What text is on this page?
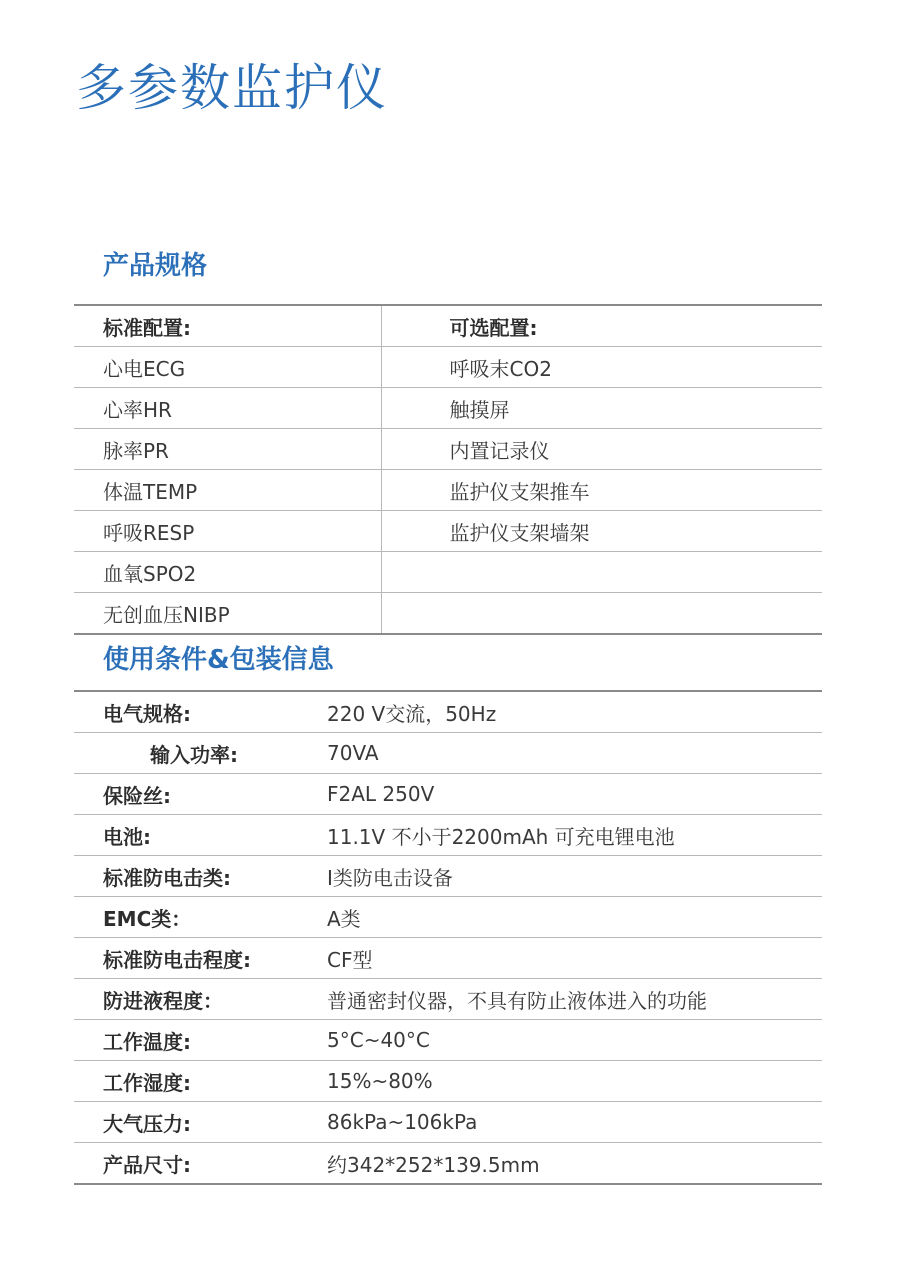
多参数监护仪
产品规格
标准配置:	可选配置:
心电ECG	呼吸末CO2
心率HR	触摸屏
脉率PR	内置记录仪
体温TEMP	监护仪支架推车
呼吸RESP	监护仪支架墙架
血氧SPO2	
无创血压NIBP	
使用条件&包装信息
电气规格:	220 V交流，50Hz
输入功率:	70VA
保险丝:	F2AL 250V
电池:	11.1V 不小于2200mAh 可充电锂电池
标准防电击类:	I类防电击设备
EMC类：	A类
标准防电击程度:	CF型
防进液程度：	普通密封仪器，不具有防止液体进入的功能
工作温度:	5°C~40°C
工作湿度:	15%~80%
大气压力:	86kPa~106kPa
产品尺寸:	约342*252*139.5mm
